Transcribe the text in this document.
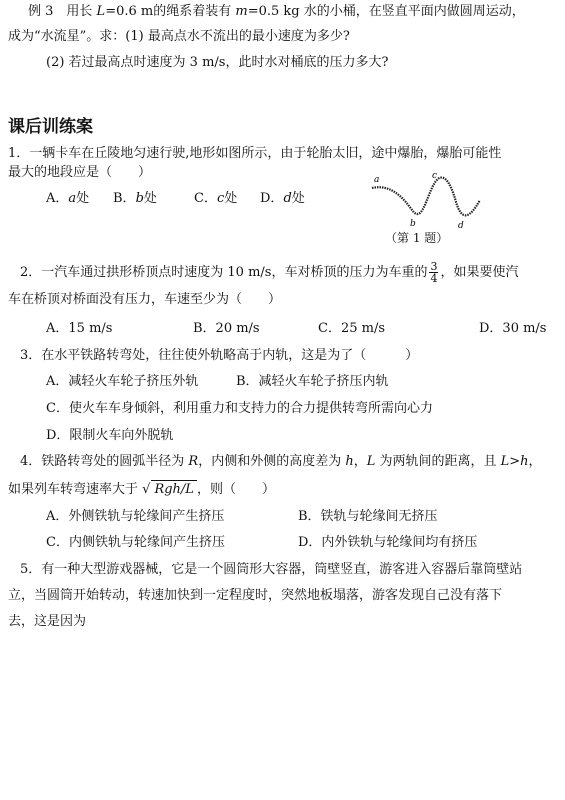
例 3　用长 L=0.6 m的绳系着装有 m=0.5 kg 水的小桶，在竖直平面内做圆周运动，
成为“水流星”。求：(1) 最高点水不流出的最小速度为多少?
(2) 若过最高点时速度为 3 m/s，此时水对桶底的压力多大?
课后训练案
1．一辆卡车在丘陵地匀速行驶,地形如图所示，由于轮胎太旧，途中爆胎，爆胎可能性
最大的地段应是（　　）
A．a处 B．b处	C．c处 D．d处
a
b
c
d
（第 1 题）
2．一汽车通过拱形桥顶点时速度为 10 m/s，车对桥顶的压力为车重的 $\frac{3}{4}$ ，如果要使汽
车在桥顶对桥面没有压力，车速至少为（　　）
A．15 m/s	B．20 m/s	C．25 m/s	D．30 m/s
3．在水平铁路转弯处，往往使外轨略高于内轨，这是为了（　　　）
A．减轻火车轮子挤压外轨	B．减轻火车轮子挤压内轨
C．使火车车身倾斜，利用重力和支持力的合力提供转弯所需向心力
D．限制火车向外脱轨
4．铁路转弯处的圆弧半径为 R，内侧和外侧的高度差为 h，L 为两轨间的距离，且 L>h，
如果列车转弯速率大于 √ Rgh/L ，则（　　）
A．外侧铁轨与轮缘间产生挤压	B．铁轨与轮缘间无挤压
C．内侧铁轨与轮缘间产生挤压	D．内外铁轨与轮缘间均有挤压
5．有一种大型游戏器械，它是一个圆筒形大容器，筒壁竖直，游客进入容器后靠筒壁站
立，当圆筒开始转动，转速加快到一定程度时，突然地板塌落，游客发现自己没有落下
去，这是因为
